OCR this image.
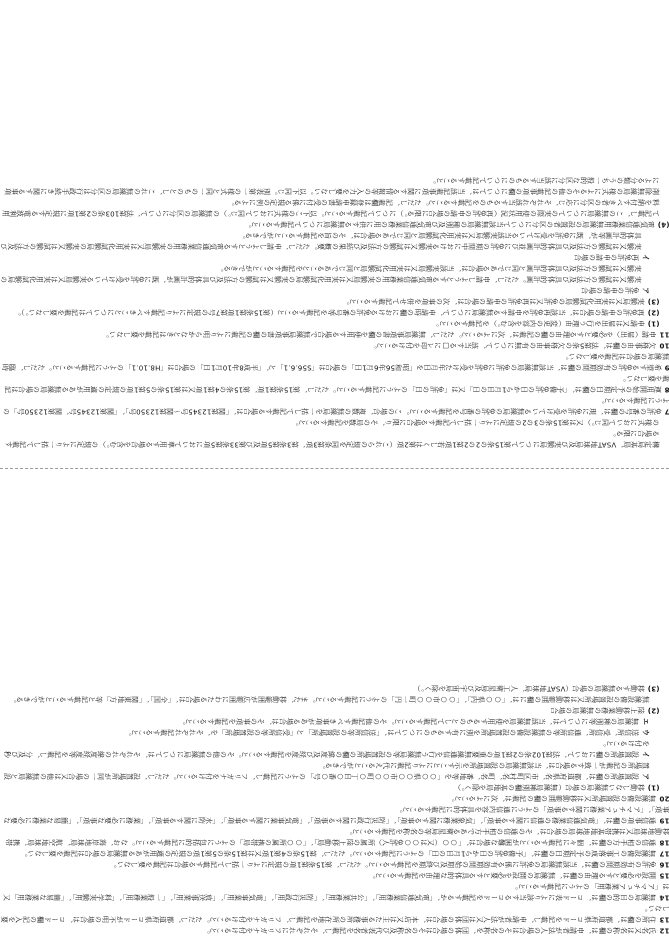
構定局基局、VSAT地球局及び実験局について第15条の2の2第1項若しくは第2項（これらの規定を同条第3項、第3条第5項及び第33条第5項において準用する場合を含む。）の規定により一括して記載する場合に限る。
の様式において同じ。）又は第15条の3の2の規定により一括して記載する場合に限り、その局数を記載すること。
7免許の番号の欄は、現に免許を受けている無線局の免許の番号を記載すること。この場合、複数の無線局を一括して記載する場合は、「関第12345号～関第12350号」、「関第12345号、関第12350号」のように記載すること。
8運用開始の予定期日の欄は、「予備免許の日から1月目の日」又は「免許の日」のように記載すること。ただし、第15条第1項、第15条の4第1項又は第15条の5第1項の規定の適用がある無線局の場合は記載を要しない。
9希望する免許の有効期間の欄は、当該無線局の免許に免許を受けた年月日を「昭和56年6月1日」の場合は「S56.6.1」と、「平成8年10月1日」の場合は「H8.10.1」のように記載すること。ただし、臨時無線局の場合は記載を要しない。
10欠格事由の欄は、法第5条の欠格事由の有無について、該当する□にレ印を付けること。
11申請（届出）を必要とする理由の欄の記載は、次によること。ただし、無線局事項書の欄を使用する場合で無線局事項書の欄の記載により明らかなときは記載を要しない。
(1)申請又は届出を行う理由（変更の内容を含む。）を記載すること。
(2)再免許の申請の場合は、当該再免許を申請する無線局について、申請時の欄における免許の番号等を記載すること（第15条第1項第7号の規定により記載すべきことについては記載を要しない。）。
(3)実験局又は実用化試験局の免許又は再免許の申請の場合は、次の事項を併せて記載すること。
ア免許の申請の場合
実験又は試験の方法及び具体的計画。ただし、申請しようとする電気通信業務用の実験局又は実用化試験局の実験又は試験の方法及び具体的計画が、既に免許を受けている実験局又は実用化試験局の実験又は試験の方法及び具体的計画と同じである場合は、当該実験局又は実用化試験局と同じであることを記載することができる。
イ再免許の申請の場合
実験又は試験の方法及び具体的計画並びに免許の期間中における実験又は試験の方法及び結果の概要。ただし、申請しようとする電気通信業務用の実験局又は実用化試験局の実験又は試験の方法及び具体的計画等が、既に免許を受けている当該実験局又は実用化試験局と同じである場合は、その旨を記載することができる。
(4)電気通信業務用無線局の設置者の区分について当該無線局の種別及び電気通信業務の用に供する無線局について記載すること。
て記載し、この無線局についての実際の使用状況（再免許の申請の場合に限る。）について記載すること。以下この様式において同じ。）の無線局の区分について、法第103条の2第1項に規定する電波利用料を納付すべき者の区分に応じ、それぞれ該当するものを記載すること。ただし、記載欄は登録申請書の受付に係る規定の例による。
削除無線局の様式によるその他の記載事項の欄については、当該記載事項に関する情報等の入力を要しない。以下同じ。別表第一の様式と同一のものとし、これの無線局の区分は行政手続きに関する事項による分類のうち一般的な区分に該当するものについて記載すること。
12氏名又は名称の欄は、申請者が法人の場合はその名称を、団体の場合はその名称及び代表者名を記載し、それぞれにフリガナを付けること。
13住所の欄は、都道府県コードを記載し、申請者が法人又は団体の場合は、本店又は主たる事務所の所在地を記載し、フリガナを付けること。ただし、都道府県コードが不明の場合は、コード欄の記入を要しない。
14無線局の目的の欄は、コード表により該当するコードを記載するか、「電気通信業務用」、「公共業務用」、「防災行政用」、「電気事業用」、「放送事業用」、「一般業務用」、「科学実験用」、「簡易な業務用」又は「アマチュア業務用」のように記載すること。
15開設を必要とする理由の欄は、無線局の開設を必要とする具体的な理由を記載すること。
16免許の有効期間の欄は、当該無線局の免許に係る有効期間の始期及び終期を記載すること。ただし、第15条第1項の規定により一括して記載する場合は記載を要しない。
17無線設備の工事落成の予定期日の欄は、「予備免許の日から1月目の日」のように記載すること。ただし、第15条の4第1項又は第15条の5第1項の規定の適用がある無線局の場合は記載を要しない。
18通信の相手方の欄は、個々に記載することが困難な場合は、「○○（又は○○免許人）所属の陸上移動局」、「○○所属の携帯局」のように包括的に記載すること。なお、海岸地球局、航空地球局、携帯移動地球局又は携帯基地地球局の場合は、その通信の相手方である衛星局等の名称を記載すること。
19通信事項の欄は、「電気通信業務の通信に関する事項」、「気象業務に関する事項」、「防災行政に関する事項」、「電気事業に関する事項」、「水防に関する事項」、「業務に必要な事項」、「簡易な業務に必要な事項」、「アマチュア業務に関する事項」のように通信内容を具体的に記載すること。
20無線設備の設置場所又は移動範囲の欄の記載は、次によること。
(1)移動しない無線局の場合（無線局種別欄の基地局を除く。）
ア設置場所の欄は、都道府県名、市区町村名、町名、番地等を「○○県○○市○○町○丁目○番○号」のように記載し、フリガナを付けること。ただし、設置場所が同一の場合又は他の無線局と設置場所の記載が一致する場合は、当該無線局の設置場所を示すことにより記載に代えることができる。
イ設置場所の欄において、法第102条の2第1項の重要無線通信を行う無線局等の設置場所の欄の緯度及び経度を記載すること。その他の無線局については、それぞれの緯度経度等を記載し、分及び秒を付けること。
ウ送信所、受信所、通信所等の無線設備の設置場所を別に有するものについては、「送信所等の設置場所」と「受信所等の設置場所」を、それぞれ記載すること。
エ無線局の種別等については、当該無線局を使用するものとして記載すること。その他記載すべき事項がある場合は、その事項を記載すること。
(2)陸上移動業務の無線局の場合
無線設備の設置場所又は移動範囲の欄には、「○○県内」、「○○市○○町一円」のように記載すること。また、移動範囲が広範囲にわたる場合は、「全国」、「関東地方」等と記載することができる。
(3)移動する無線局の場合（VSAT地球局、人工衛星局及び宇宙局を除く。）
